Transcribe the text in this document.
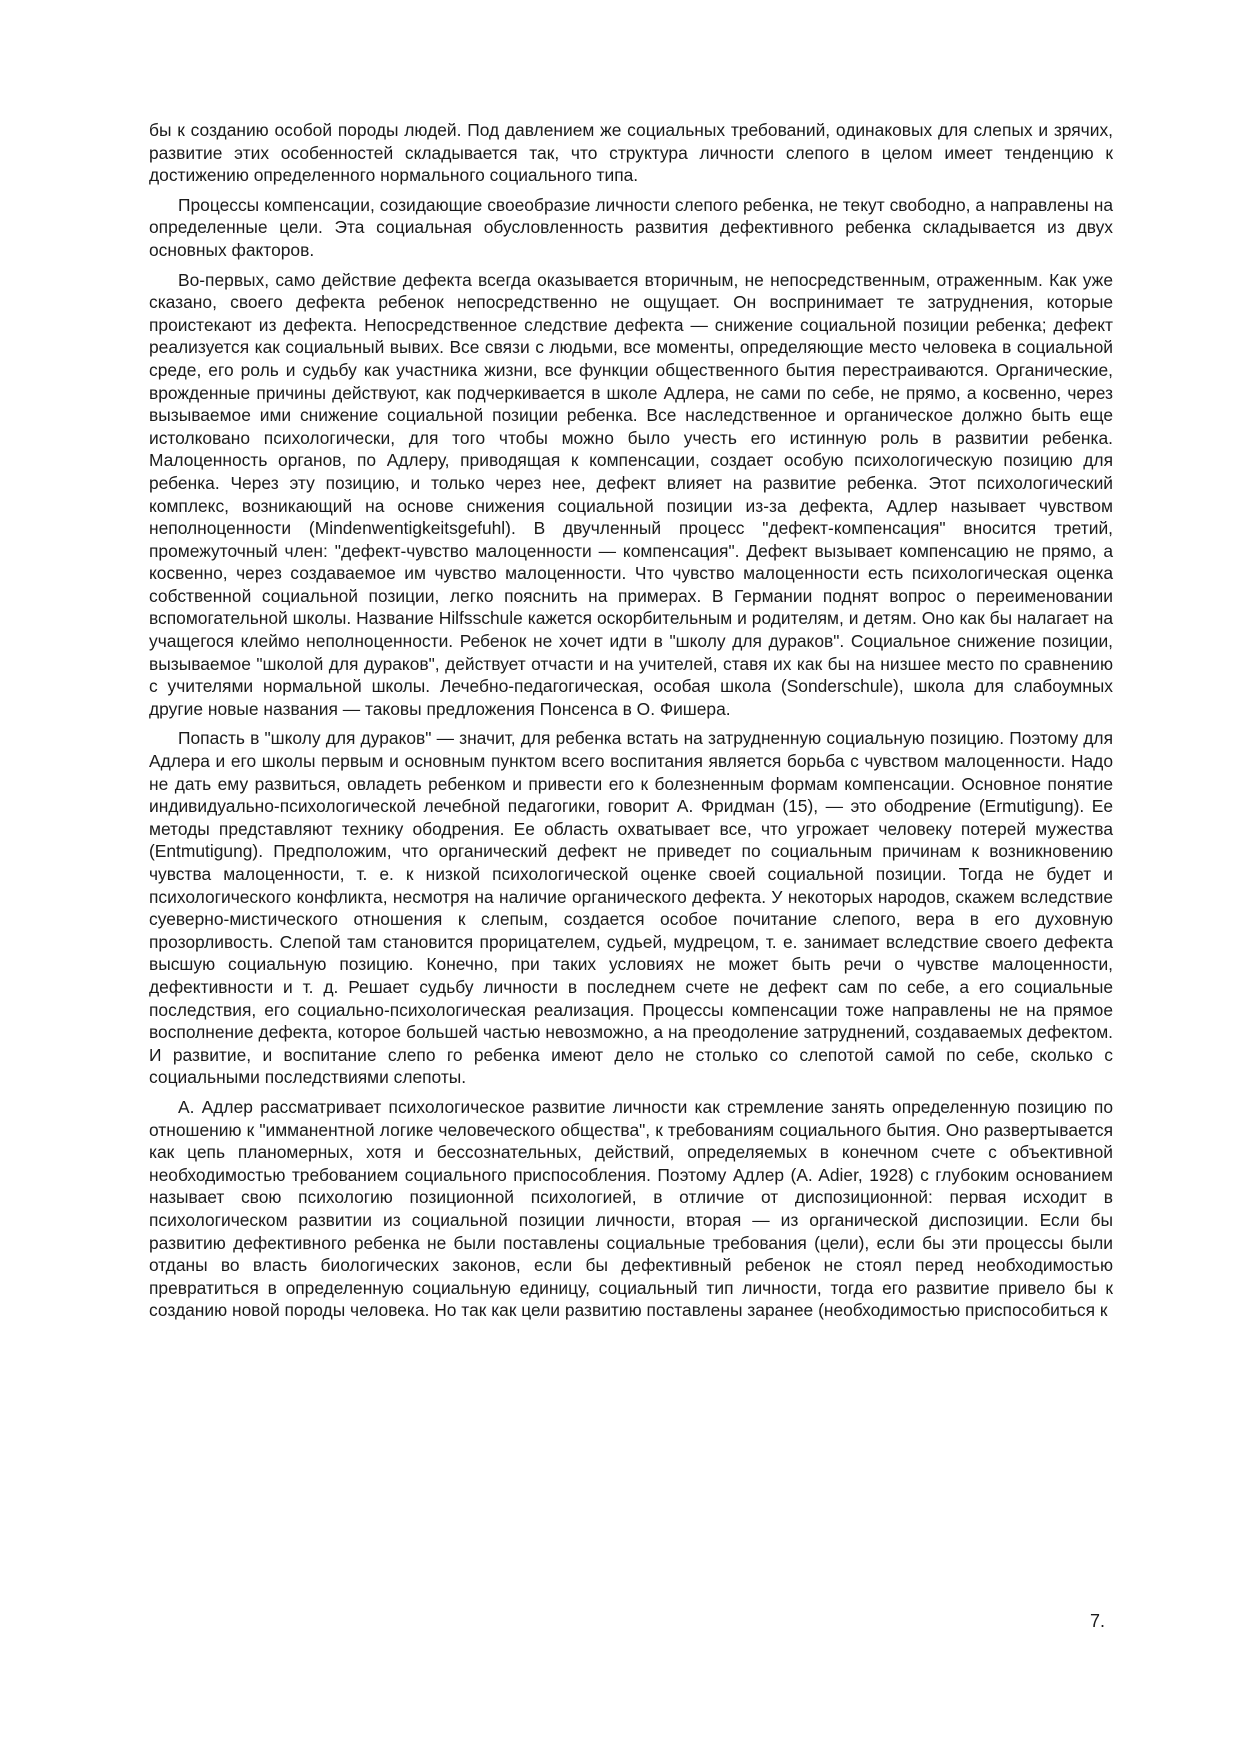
бы к созданию особой породы людей. Под давлением же социальных требований, одинаковых для слепых и зрячих, развитие этих особенностей складывается так, что структура личности слепого в целом имеет тенденцию к достижению определенного нормального социального типа.

Процессы компенсации, созидающие своеобразие личности слепого ребенка, не текут свободно, а направлены на определенные цели. Эта социальная обусловленность развития дефективного ребенка складывается из двух основных факторов.

Во-первых, само действие дефекта всегда оказывается вторичным, не непосредственным, отраженным. Как уже сказано, своего дефекта ребенок непосредственно не ощущает. Он воспринимает те затруднения, которые проистекают из дефекта. Непосредственное следствие дефекта — снижение социальной позиции ребенка; дефект реализуется как социальный вывих. Все связи с людьми, все моменты, определяющие место человека в социальной среде, его роль и судьбу как участника жизни, все функции общественного бытия перестраиваются. Органические, врожденные причины действуют, как подчеркивается в школе Адлера, не сами по себе, не прямо, а косвенно, через вызываемое ими снижение социальной позиции ребенка. Все наследственное и органическое должно быть еще истолковано психологически, для того чтобы можно было учесть его истинную роль в развитии ребенка. Малоценность органов, по Адлеру, приводящая к компенсации, создает особую психологическую позицию для ребенка. Через эту позицию, и только через нее, дефект влияет на развитие ребенка. Этот психологический комплекс, возникающий на основе снижения социальной позиции из-за дефекта, Адлер называет чувством неполноценности (Mindenwentigkeitsgefuhl). В двучленный процесс "дефект-компенсация" вносится третий, промежуточный член: "дефект-чувство малоценности — компенсация". Дефект вызывает компенсацию не прямо, а косвенно, через создаваемое им чувство малоценности. Что чувство малоценности есть психологическая оценка собственной социальной позиции, легко пояснить на примерах. В Германии поднят вопрос о переименовании вспомогательной школы. Название Hilfsschule кажется оскорбительным и родителям, и детям. Оно как бы налагает на учащегося клеймо неполноценности. Ребенок не хочет идти в "школу для дураков". Социальное снижение позиции, вызываемое "школой для дураков", действует отчасти и на учителей, ставя их как бы на низшее место по сравнению с учителями нормальной школы. Лечебно-педагогическая, особая школа (Sonderschule), школа для слабоумных другие новые названия — таковы предложения Понсенса в О. Фишера.

Попасть в "школу для дураков" — значит, для ребенка встать на затрудненную социальную позицию. Поэтому для Адлера и его школы первым и основным пунктом всего воспитания является борьба с чувством малоценности. Надо не дать ему развиться, овладеть ребенком и привести его к болезненным формам компенсации. Основное понятие индивидуально-психологической лечебной педагогики, говорит А. Фридман (15), — это ободрение (Ermutigung). Ее методы представляют технику ободрения. Ее область охватывает все, что угрожает человеку потерей мужества (Entmutigung). Предположим, что органический дефект не приведет по социальным причинам к возникновению чувства малоценности, т. е. к низкой психологической оценке своей социальной позиции. Тогда не будет и психологического конфликта, несмотря на наличие органического дефекта. У некоторых народов, скажем вследствие суеверно-мистического отношения к слепым, создается особое почитание слепого, вера в его духовную прозорливость. Слепой там становится прорицателем, судьей, мудрецом, т. е. занимает вследствие своего дефекта высшую социальную позицию. Конечно, при таких условиях не может быть речи о чувстве малоценности, дефективности и т. д. Решает судьбу личности в последнем счете не дефект сам по себе, а его социальные последствия, его социально-психологическая реализация. Процессы компенсации тоже направлены не на прямое восполнение дефекта, которое большей частью невозможно, а на преодоление затруднений, создаваемых дефектом. И развитие, и воспитание слепо го ребенка имеют дело не столько со слепотой самой по себе, сколько с социальными последствиями слепоты.

А. Адлер рассматривает психологическое развитие личности как стремление занять определенную позицию по отношению к "имманентной логике человеческого общества", к требованиям социального бытия. Оно развертывается как цепь планомерных, хотя и бессознательных, действий, определяемых в конечном счете с объективной необходимостью требованием социального приспособления. Поэтому Адлер (A. Adier, 1928) с глубоким основанием называет свою психологию позиционной психологией, в отличие от диспозиционной: первая исходит в психологическом развитии из социальной позиции личности, вторая — из органической диспозиции. Если бы развитию дефективного ребенка не были поставлены социальные требования (цели), если бы эти процессы были отданы во власть биологических законов, если бы дефективный ребенок не стоял перед необходимостью превратиться в определенную социальную единицу, социальный тип личности, тогда его развитие привело бы к созданию новой породы человека. Но так как цели развитию поставлены заранее (необходимостью приспособиться к

7.
